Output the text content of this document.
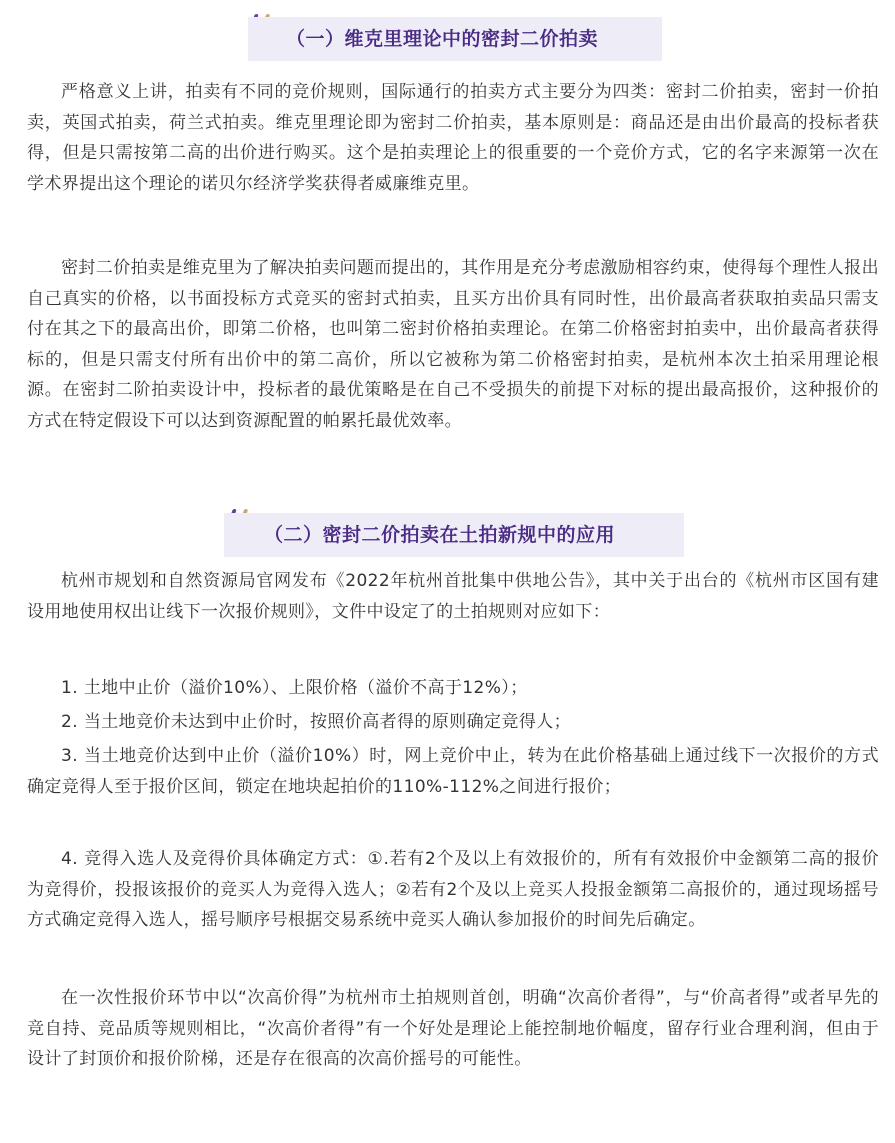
（一）维克里理论中的密封二价拍卖

严格意义上讲，拍卖有不同的竞价规则，国际通行的拍卖方式主要分为四类：密封二价拍卖，密封一价拍卖，英国式拍卖，荷兰式拍卖。维克里理论即为密封二价拍卖，基本原则是：商品还是由出价最高的投标者获得，但是只需按第二高的出价进行购买。这个是拍卖理论上的很重要的一个竞价方式，它的名字来源第一次在学术界提出这个理论的诺贝尔经济学奖获得者威廉维克里。

密封二价拍卖是维克里为了解决拍卖问题而提出的，其作用是充分考虑激励相容约束，使得每个理性人报出自己真实的价格，以书面投标方式竞买的密封式拍卖，且买方出价具有同时性，出价最高者获取拍卖品只需支付在其之下的最高出价，即第二价格，也叫第二密封价格拍卖理论。在第二价格密封拍卖中，出价最高者获得标的，但是只需支付所有出价中的第二高价，所以它被称为第二价格密封拍卖，是杭州本次土拍采用理论根源。在密封二阶拍卖设计中，投标者的最优策略是在自己不受损失的前提下对标的提出最高报价，这种报价的方式在特定假设下可以达到资源配置的帕累托最优效率。

（二）密封二价拍卖在土拍新规中的应用

杭州市规划和自然资源局官网发布《2022年杭州首批集中供地公告》，其中关于出台的《杭州市区国有建设用地使用权出让线下一次报价规则》，文件中设定了的土拍规则对应如下：

1. 土地中止价（溢价10%）、上限价格（溢价不高于12%）；

2. 当土地竞价未达到中止价时，按照价高者得的原则确定竞得人；

3. 当土地竞价达到中止价（溢价10%）时，网上竞价中止，转为在此价格基础上通过线下一次报价的方式确定竞得人至于报价区间，锁定在地块起拍价的110%-112%之间进行报价；

4. 竞得入选人及竞得价具体确定方式：①.若有2个及以上有效报价的，所有有效报价中金额第二高的报价为竞得价，投报该报价的竞买人为竞得入选人；②若有2个及以上竞买人投报金额第二高报价的，通过现场摇号方式确定竞得入选人，摇号顺序号根据交易系统中竞买人确认参加报价的时间先后确定。

在一次性报价环节中以“次高价得”为杭州市土拍规则首创，明确“次高价者得”，与“价高者得”或者早先的竞自持、竞品质等规则相比，“次高价者得”有一个好处是理论上能控制地价幅度，留存行业合理利润，但由于设计了封顶价和报价阶梯，还是存在很高的次高价摇号的可能性。
